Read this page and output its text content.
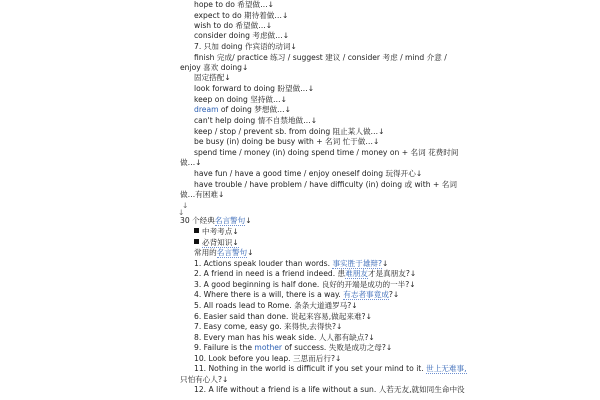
hope to do 希望做…↓
expect to do 期待着做…↓
wish to do 希望做…↓
consider doing 考虑做…↓
7. 只加 doing 作宾语的动词↓
finish 完成/ practice 练习 / suggest 建议 / consider 考虑 / mind 介意 /
enjoy 喜欢 doing↓
固定搭配↓
look forward to doing 盼望做…↓
keep on doing 坚持做…↓
dream of doing 梦想做…↓
can't help doing 情不自禁地做…↓
keep / stop / prevent sb. from doing 阻止某人做…↓
be busy (in) doing be busy with + 名词 忙于做…↓
spend time / money (in) doing spend time / money on + 名词 花费时间
做…↓
have fun / have a good time / enjoy oneself doing 玩得开心↓
have trouble / have problem / have difficulty (in) doing 或 with + 名词
做…有困难↓
↓
↓
30 个经典名言警句↓
中考考点↓
必背知识↓
常用的名言警句↓
1. Actions speak louder than words. 事实胜于雄辩?↓
2. A friend in need is a friend indeed. 患难朋友才是真朋友?↓
3. A good beginning is half done. 良好的开端是成功的一半?↓
4. Where there is a will, there is a way. 有志者事竟成?↓
5. All roads lead to Rome. 条条大道通罗马?↓
6. Easier said than done. 说起来容易,做起来难?↓
7. Easy come, easy go. 来得快,去得快?↓
8. Every man has his weak side. 人人都有缺点?↓
9. Failure is the mother of success. 失败是成功之母?↓
10. Look before you leap. 三思而后行?↓
11. Nothing in the world is difficult if you set your mind to it. 世上无难事,
只怕有心人?↓
12. A life without a friend is a life without a sun. 人若无友,就如同生命中没
